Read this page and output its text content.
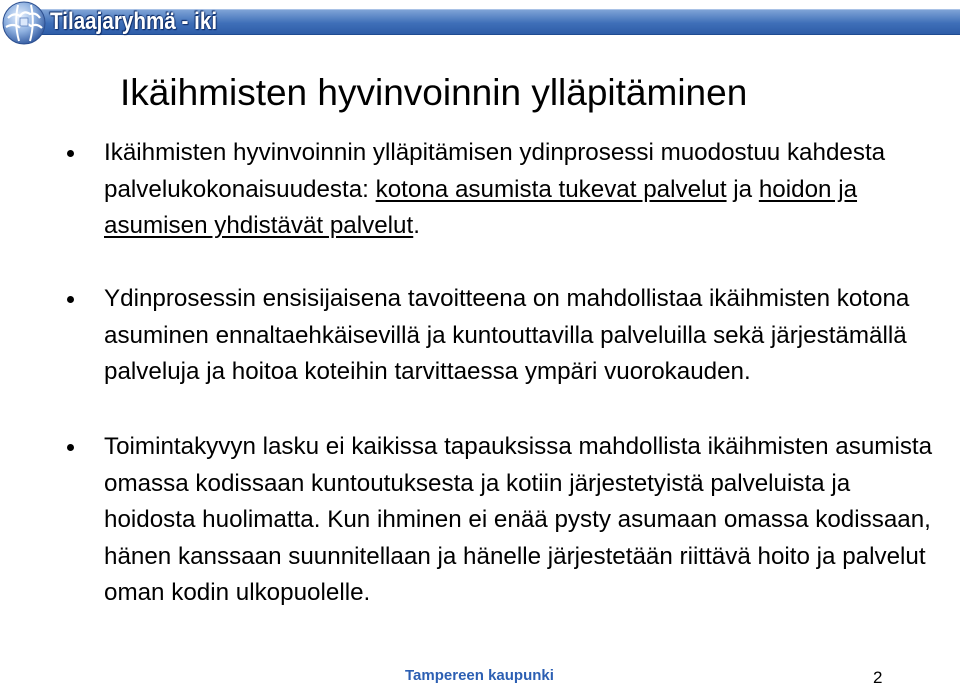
Tilaajaryhmä - iki
Ikäihmisten hyvinvoinnin ylläpitäminen
Ikäihmisten hyvinvoinnin ylläpitämisen ydinprosessi muodostuu kahdesta palvelukokonaisuudesta: kotona asumista tukevat palvelut ja hoidon ja asumisen yhdistävät palvelut.
Ydinprosessin ensisijaisena tavoitteena on mahdollistaa ikäihmisten kotona asuminen ennaltaehkäisevillä ja kuntouttavilla palveluilla sekä järjestämällä palveluja ja hoitoa koteihin tarvittaessa ympäri vuorokauden.
Toimintakyvyn lasku ei kaikissa tapauksissa mahdollista ikäihmisten asumista omassa kodissaan kuntoutuksesta ja kotiin järjestetyistä palveluista ja hoidosta huolimatta. Kun ihminen ei enää pysty asumaan omassa kodissaan, hänen kanssaan suunnitellaan ja hänelle järjestetään riittävä hoito ja palvelut oman kodin ulkopuolelle.
Tampereen kaupunki	2
